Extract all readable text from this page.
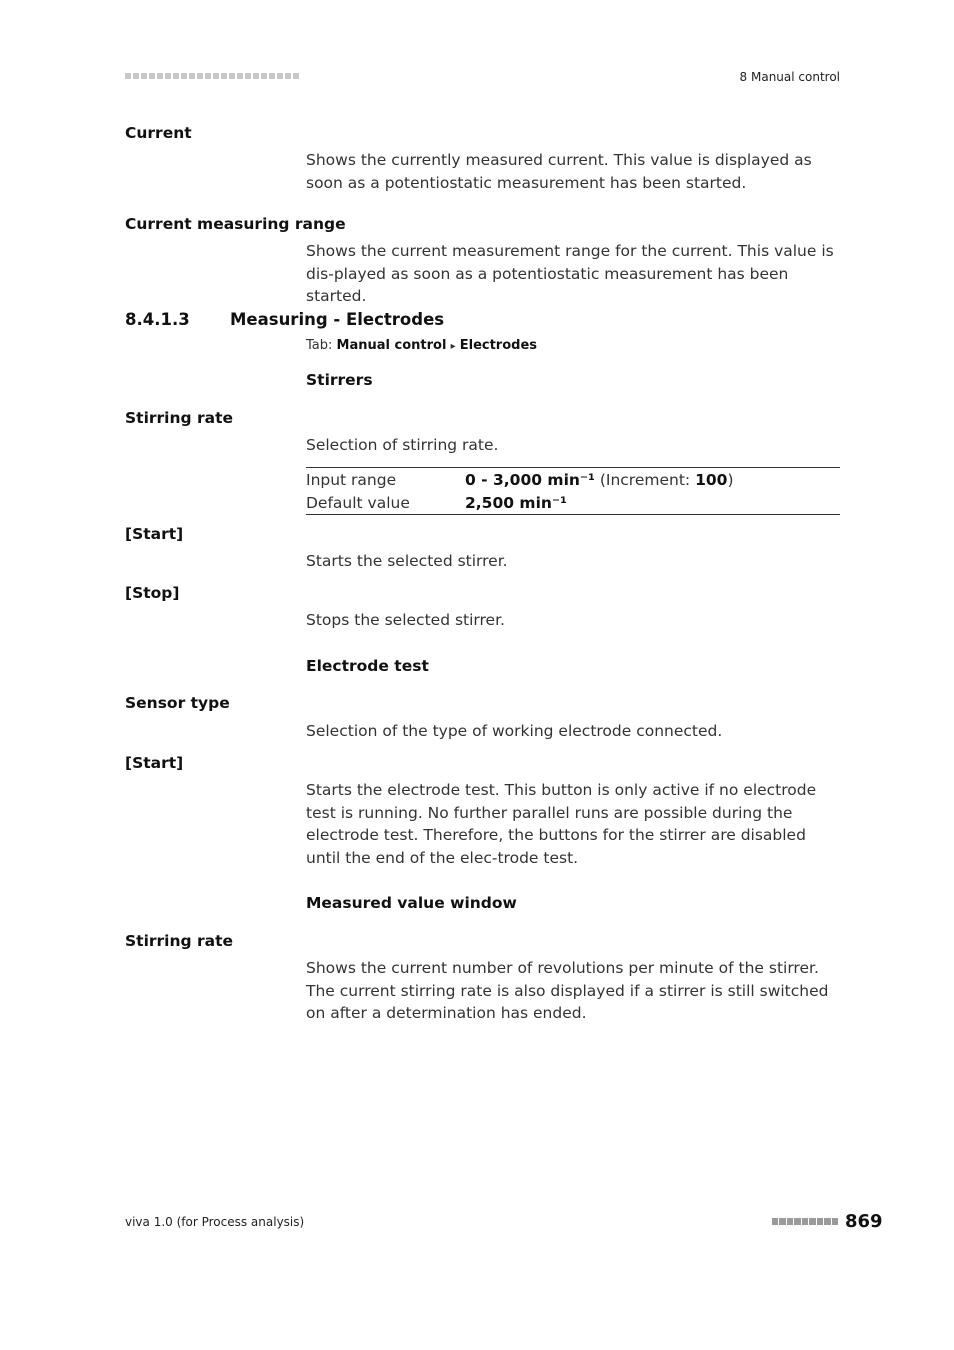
8 Manual control
Current
Shows the currently measured current. This value is displayed as soon as a potentiostatic measurement has been started.
Current measuring range
Shows the current measurement range for the current. This value is dis-played as soon as a potentiostatic measurement has been started.
8.4.1.3 Measuring - Electrodes
Tab: Manual control ▸ Electrodes
Stirrers
Stirring rate
Selection of stirring rate.
Input range	0 - 3,000 min⁻¹ (Increment: 100)
Default value	2,500 min⁻¹
[Start]
Starts the selected stirrer.
[Stop]
Stops the selected stirrer.
Electrode test
Sensor type
Selection of the type of working electrode connected.
[Start]
Starts the electrode test. This button is only active if no electrode test is running. No further parallel runs are possible during the electrode test. Therefore, the buttons for the stirrer are disabled until the end of the elec-trode test.
Measured value window
Stirring rate
Shows the current number of revolutions per minute of the stirrer. The current stirring rate is also displayed if a stirrer is still switched on after a determination has ended.
viva 1.0 (for Process analysis)	869
